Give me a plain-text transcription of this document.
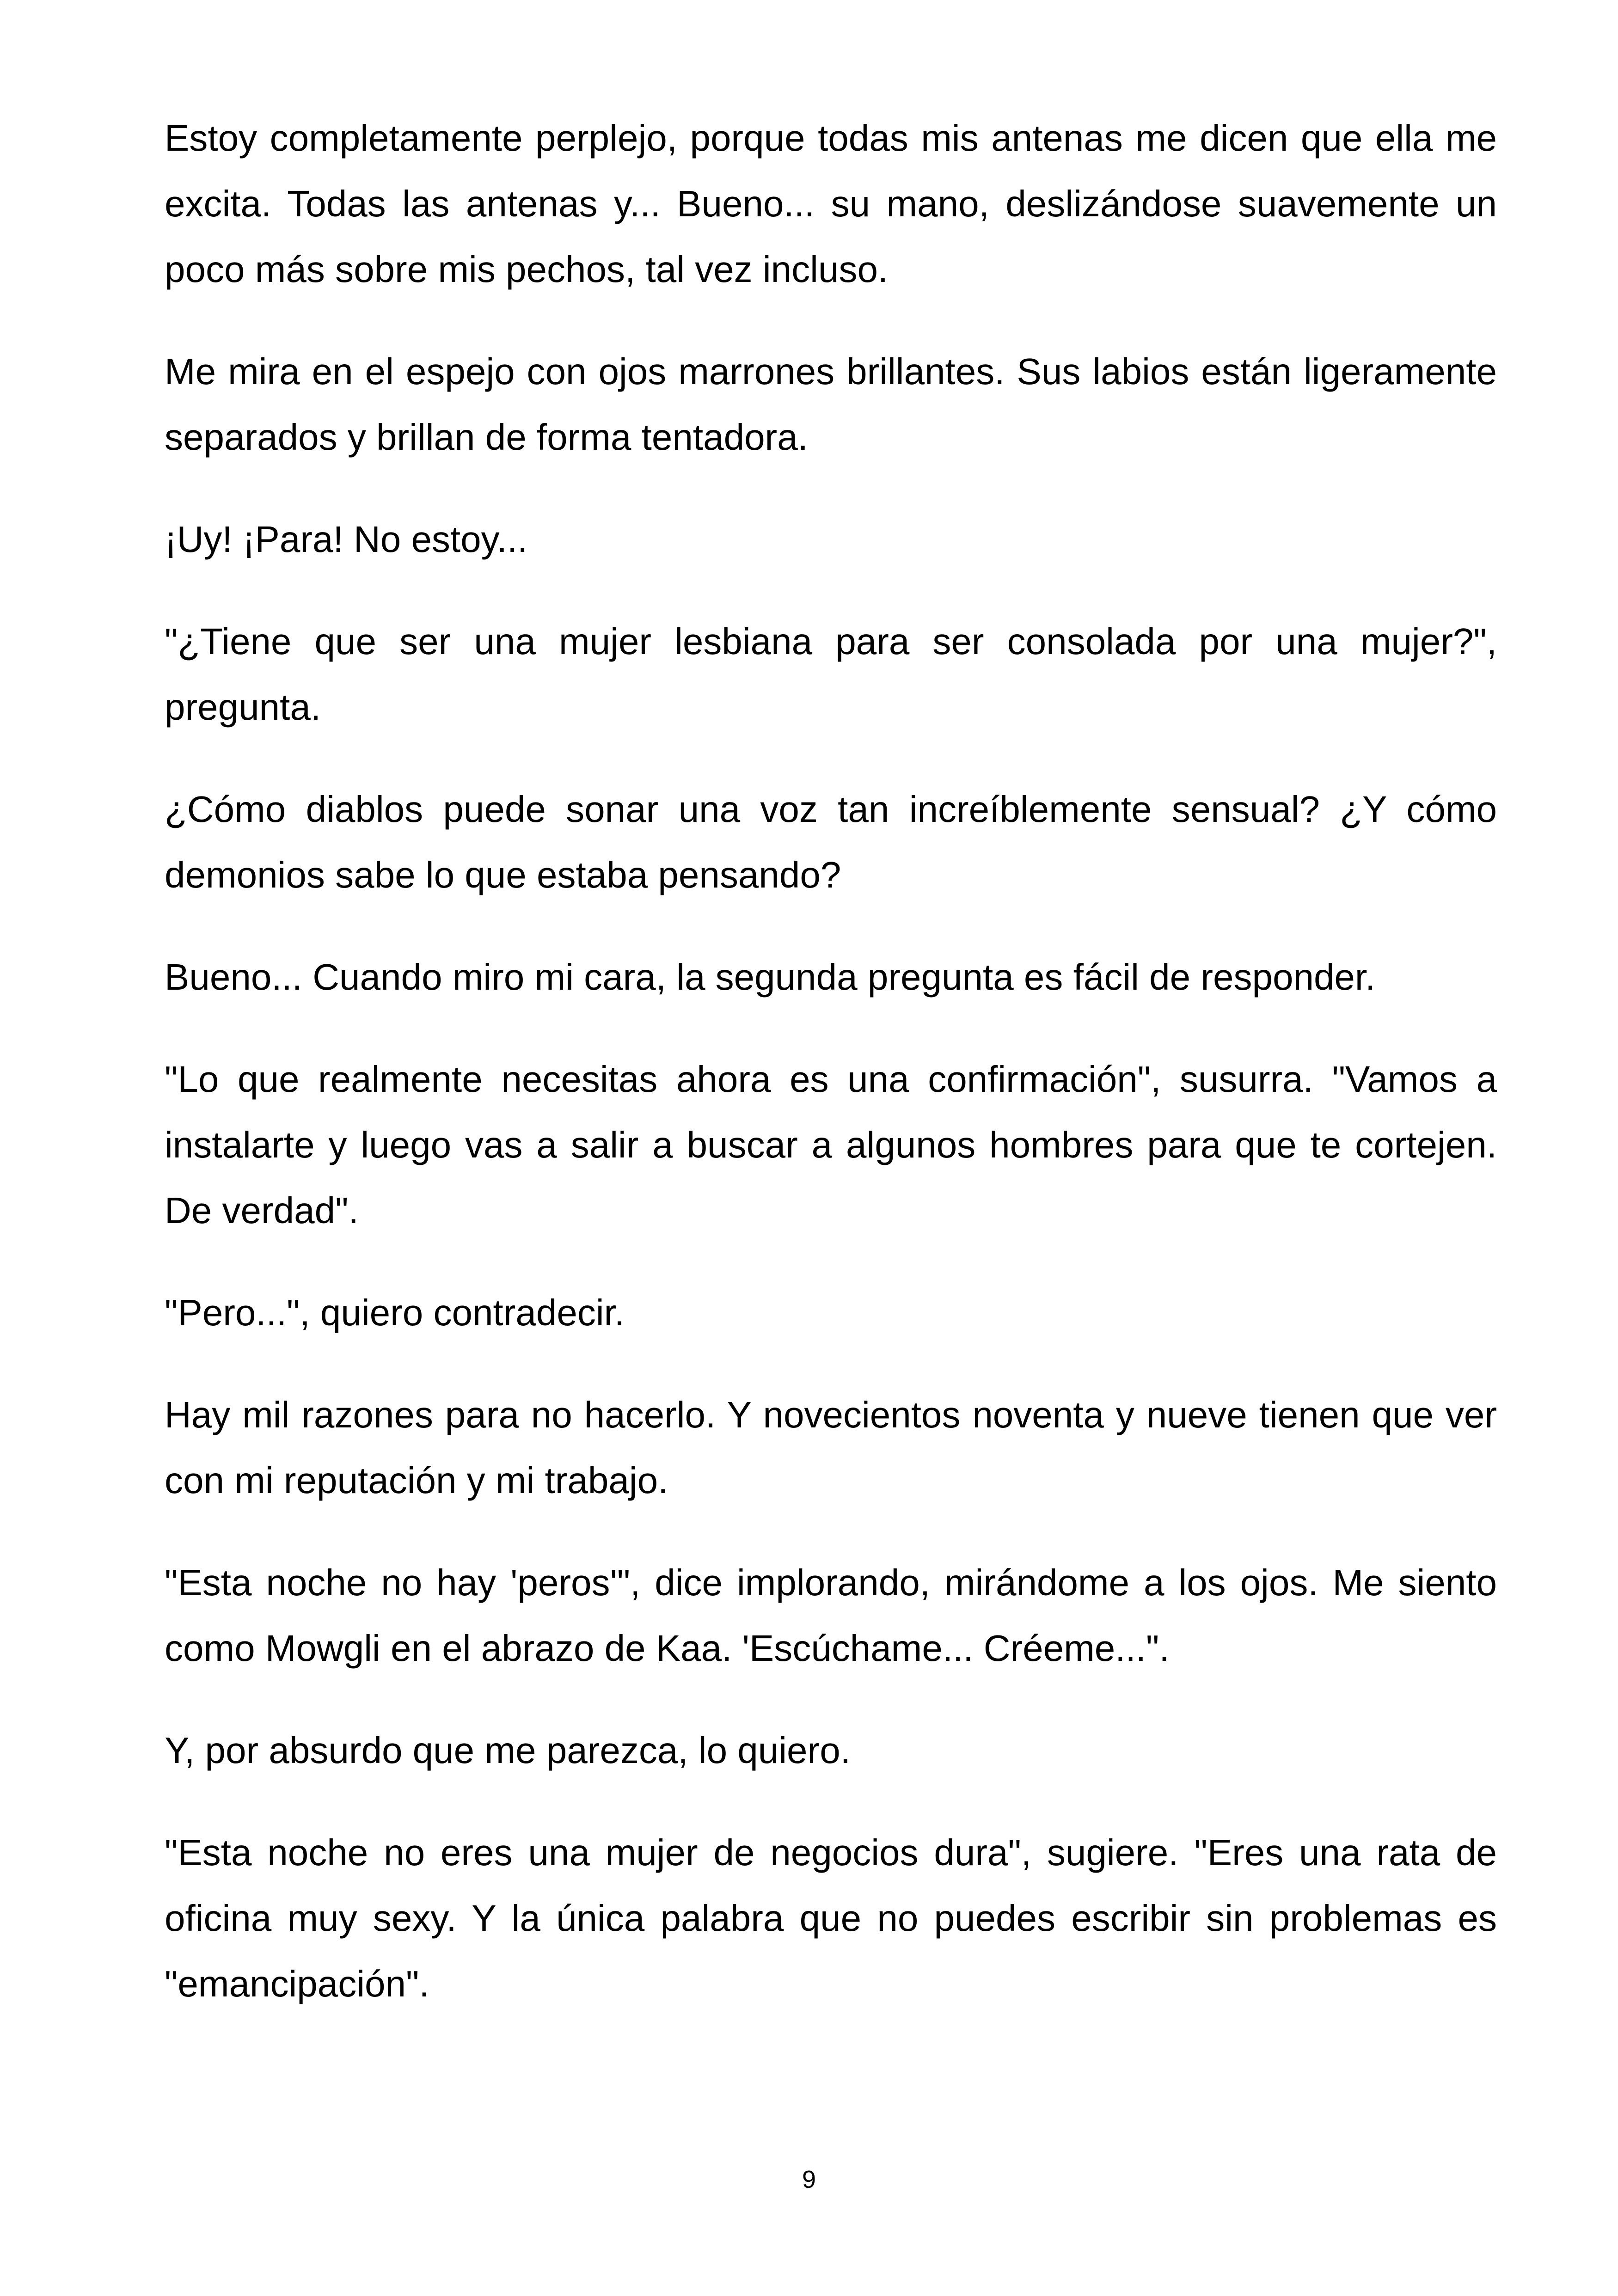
Estoy completamente perplejo, porque todas mis antenas me dicen que ella me excita. Todas las antenas y... Bueno... su mano, deslizándose suavemente un poco más sobre mis pechos, tal vez incluso.

Me mira en el espejo con ojos marrones brillantes. Sus labios están ligeramente separados y brillan de forma tentadora.

¡Uy! ¡Para! No estoy...

"¿Tiene que ser una mujer lesbiana para ser consolada por una mujer?", pregunta.

¿Cómo diablos puede sonar una voz tan increíblemente sensual? ¿Y cómo demonios sabe lo que estaba pensando?

Bueno... Cuando miro mi cara, la segunda pregunta es fácil de responder.

"Lo que realmente necesitas ahora es una confirmación", susurra. "Vamos a instalarte y luego vas a salir a buscar a algunos hombres para que te cortejen. De verdad".

"Pero...", quiero contradecir.

Hay mil razones para no hacerlo. Y novecientos noventa y nueve tienen que ver con mi reputación y mi trabajo.

"Esta noche no hay 'peros'", dice implorando, mirándome a los ojos. Me siento como Mowgli en el abrazo de Kaa. 'Escúchame... Créeme...".

Y, por absurdo que me parezca, lo quiero.

"Esta noche no eres una mujer de negocios dura", sugiere. "Eres una rata de oficina muy sexy. Y la única palabra que no puedes escribir sin problemas es "emancipación".

9
